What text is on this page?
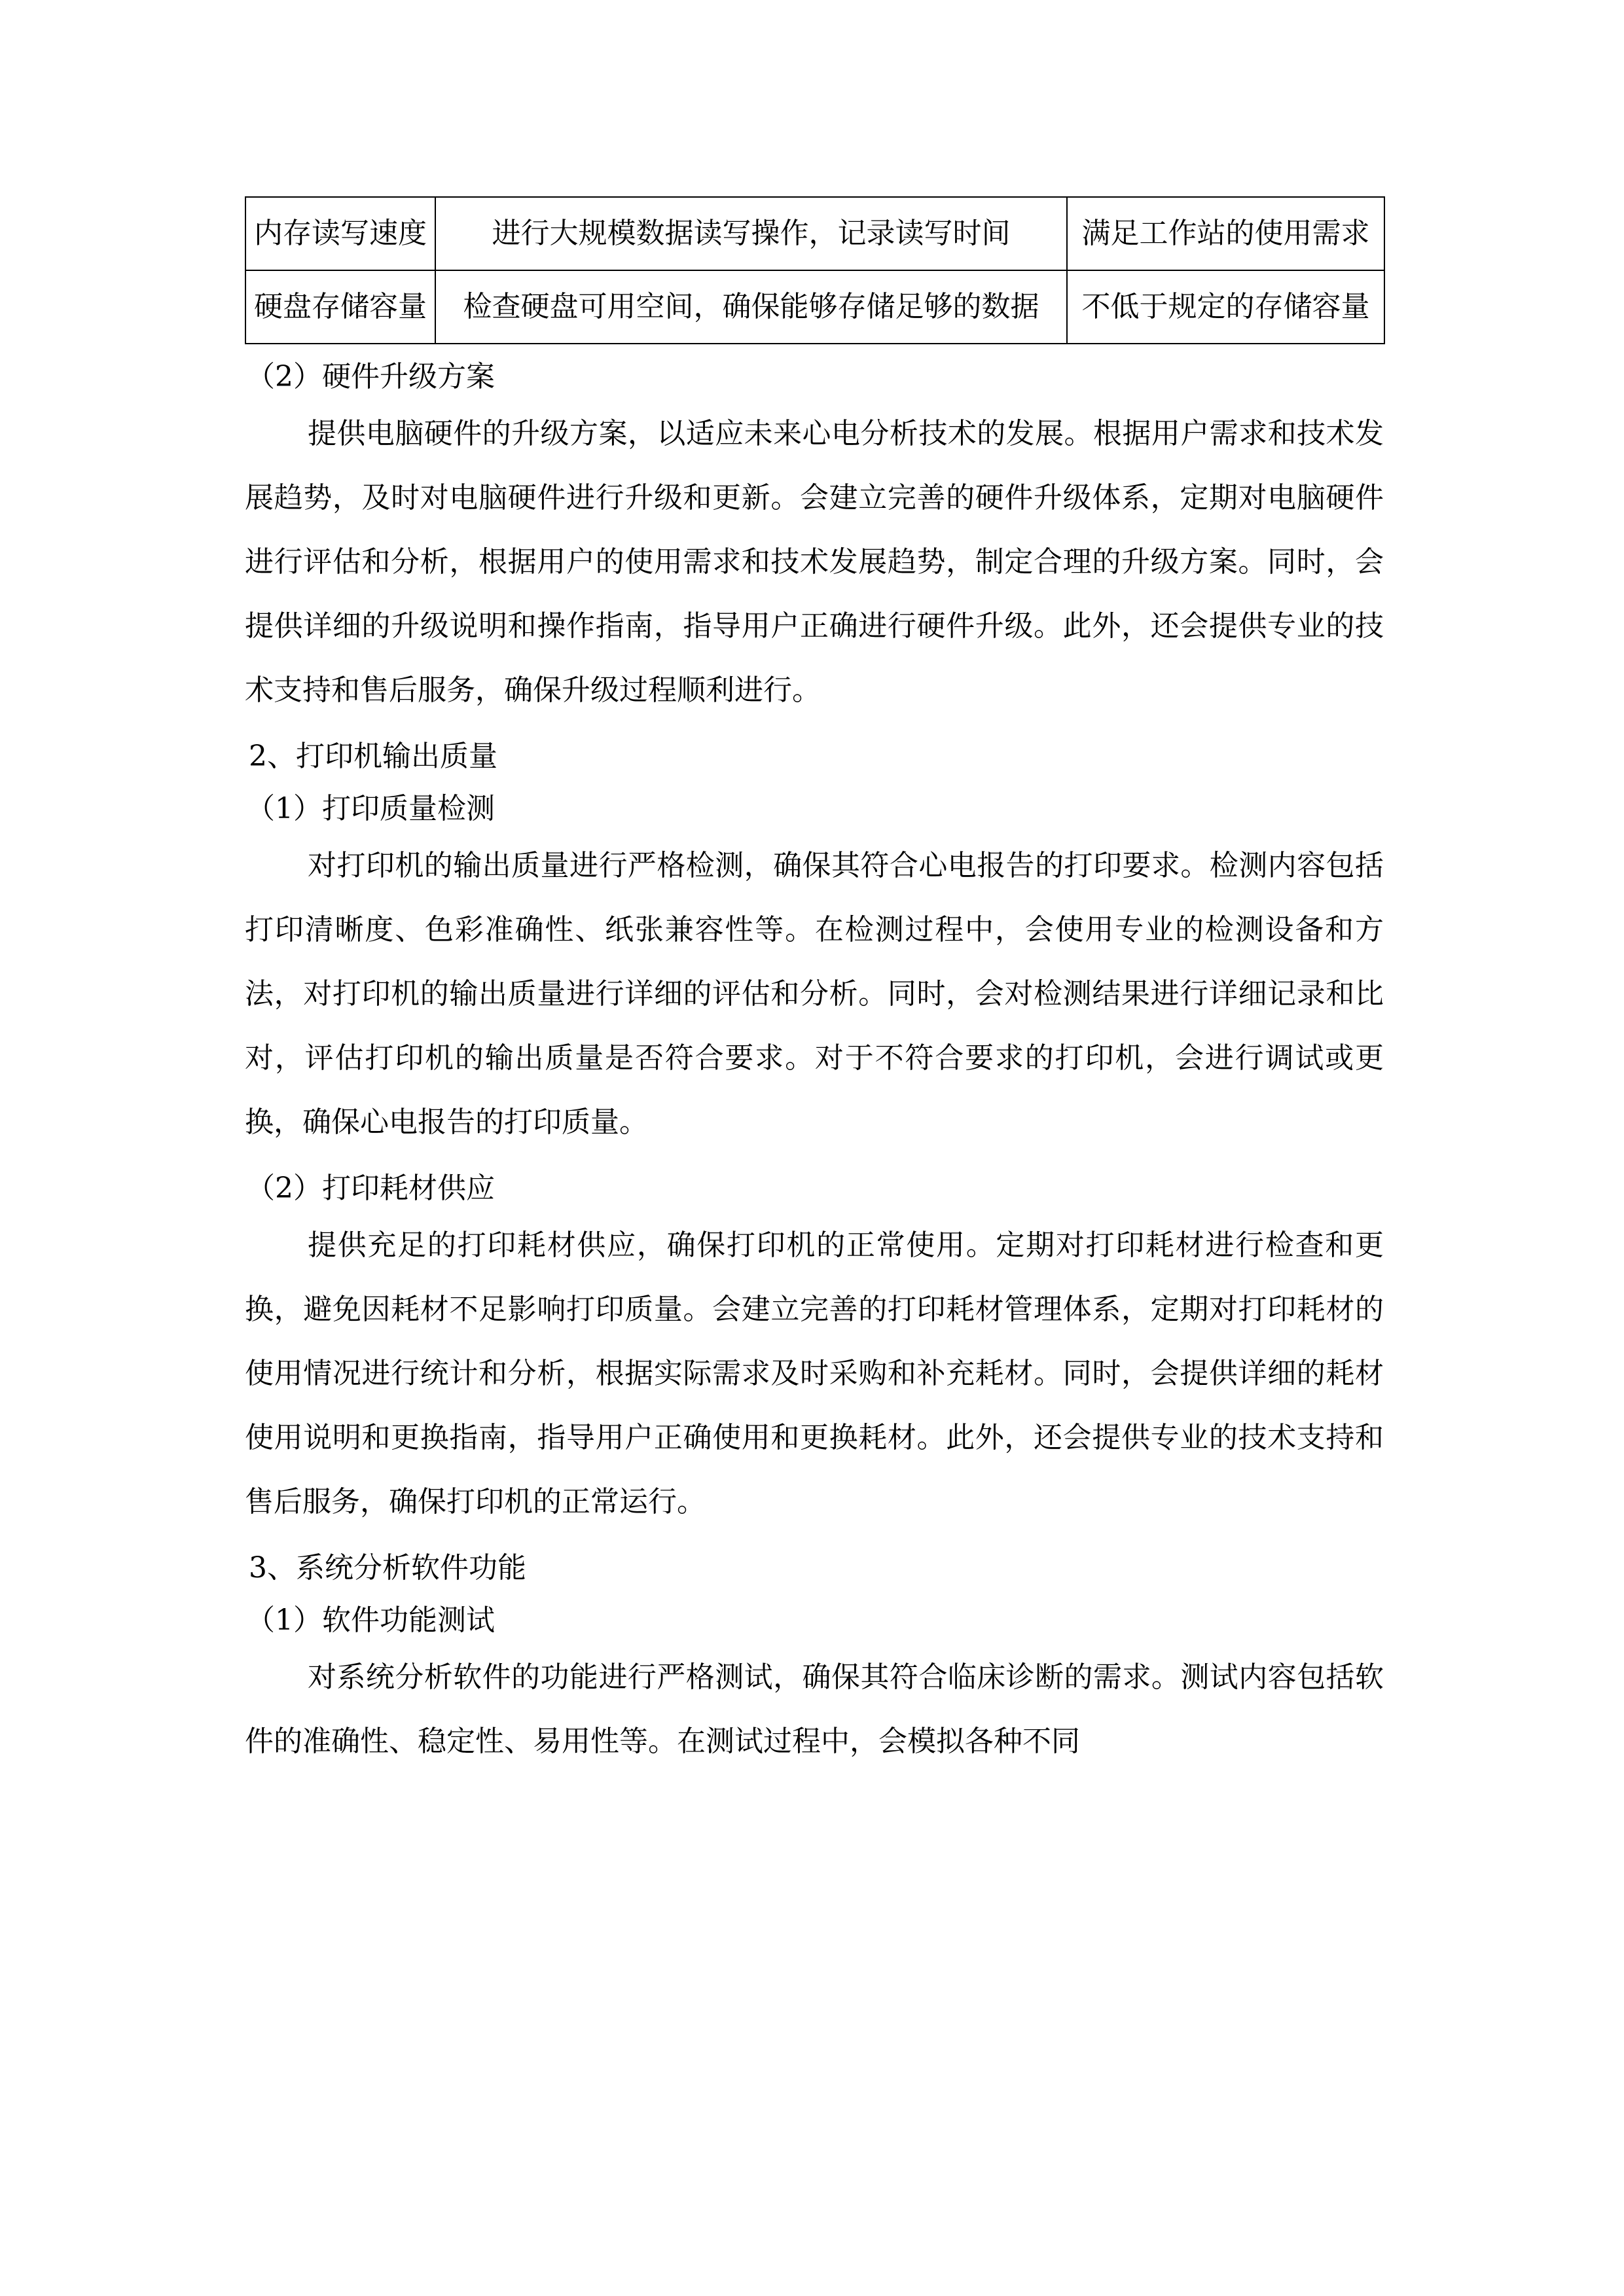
内存读写速度	进行大规模数据读写操作，记录读写时间	满足工作站的使用需求
硬盘存储容量	检查硬盘可用空间，确保能够存储足够的数据	不低于规定的存储容量

（2）硬件升级方案

提供电脑硬件的升级方案，以适应未来心电分析技术的发展。根据用户需求和技术发展趋势，及时对电脑硬件进行升级和更新。会建立完善的硬件升级体系，定期对电脑硬件进行评估和分析，根据用户的使用需求和技术发展趋势，制定合理的升级方案。同时，会提供详细的升级说明和操作指南，指导用户正确进行硬件升级。此外，还会提供专业的技术支持和售后服务，确保升级过程顺利进行。

2、打印机输出质量

（1）打印质量检测

对打印机的输出质量进行严格检测，确保其符合心电报告的打印要求。检测内容包括打印清晰度、色彩准确性、纸张兼容性等。在检测过程中，会使用专业的检测设备和方法，对打印机的输出质量进行详细的评估和分析。同时，会对检测结果进行详细记录和比对，评估打印机的输出质量是否符合要求。对于不符合要求的打印机，会进行调试或更换，确保心电报告的打印质量。

（2）打印耗材供应

提供充足的打印耗材供应，确保打印机的正常使用。定期对打印耗材进行检查和更换，避免因耗材不足影响打印质量。会建立完善的打印耗材管理体系，定期对打印耗材的使用情况进行统计和分析，根据实际需求及时采购和补充耗材。同时，会提供详细的耗材使用说明和更换指南，指导用户正确使用和更换耗材。此外，还会提供专业的技术支持和售后服务，确保打印机的正常运行。

3、系统分析软件功能

（1）软件功能测试

对系统分析软件的功能进行严格测试，确保其符合临床诊断的需求。测试内容包括软件的准确性、稳定性、易用性等。在测试过程中，会模拟各种不同
